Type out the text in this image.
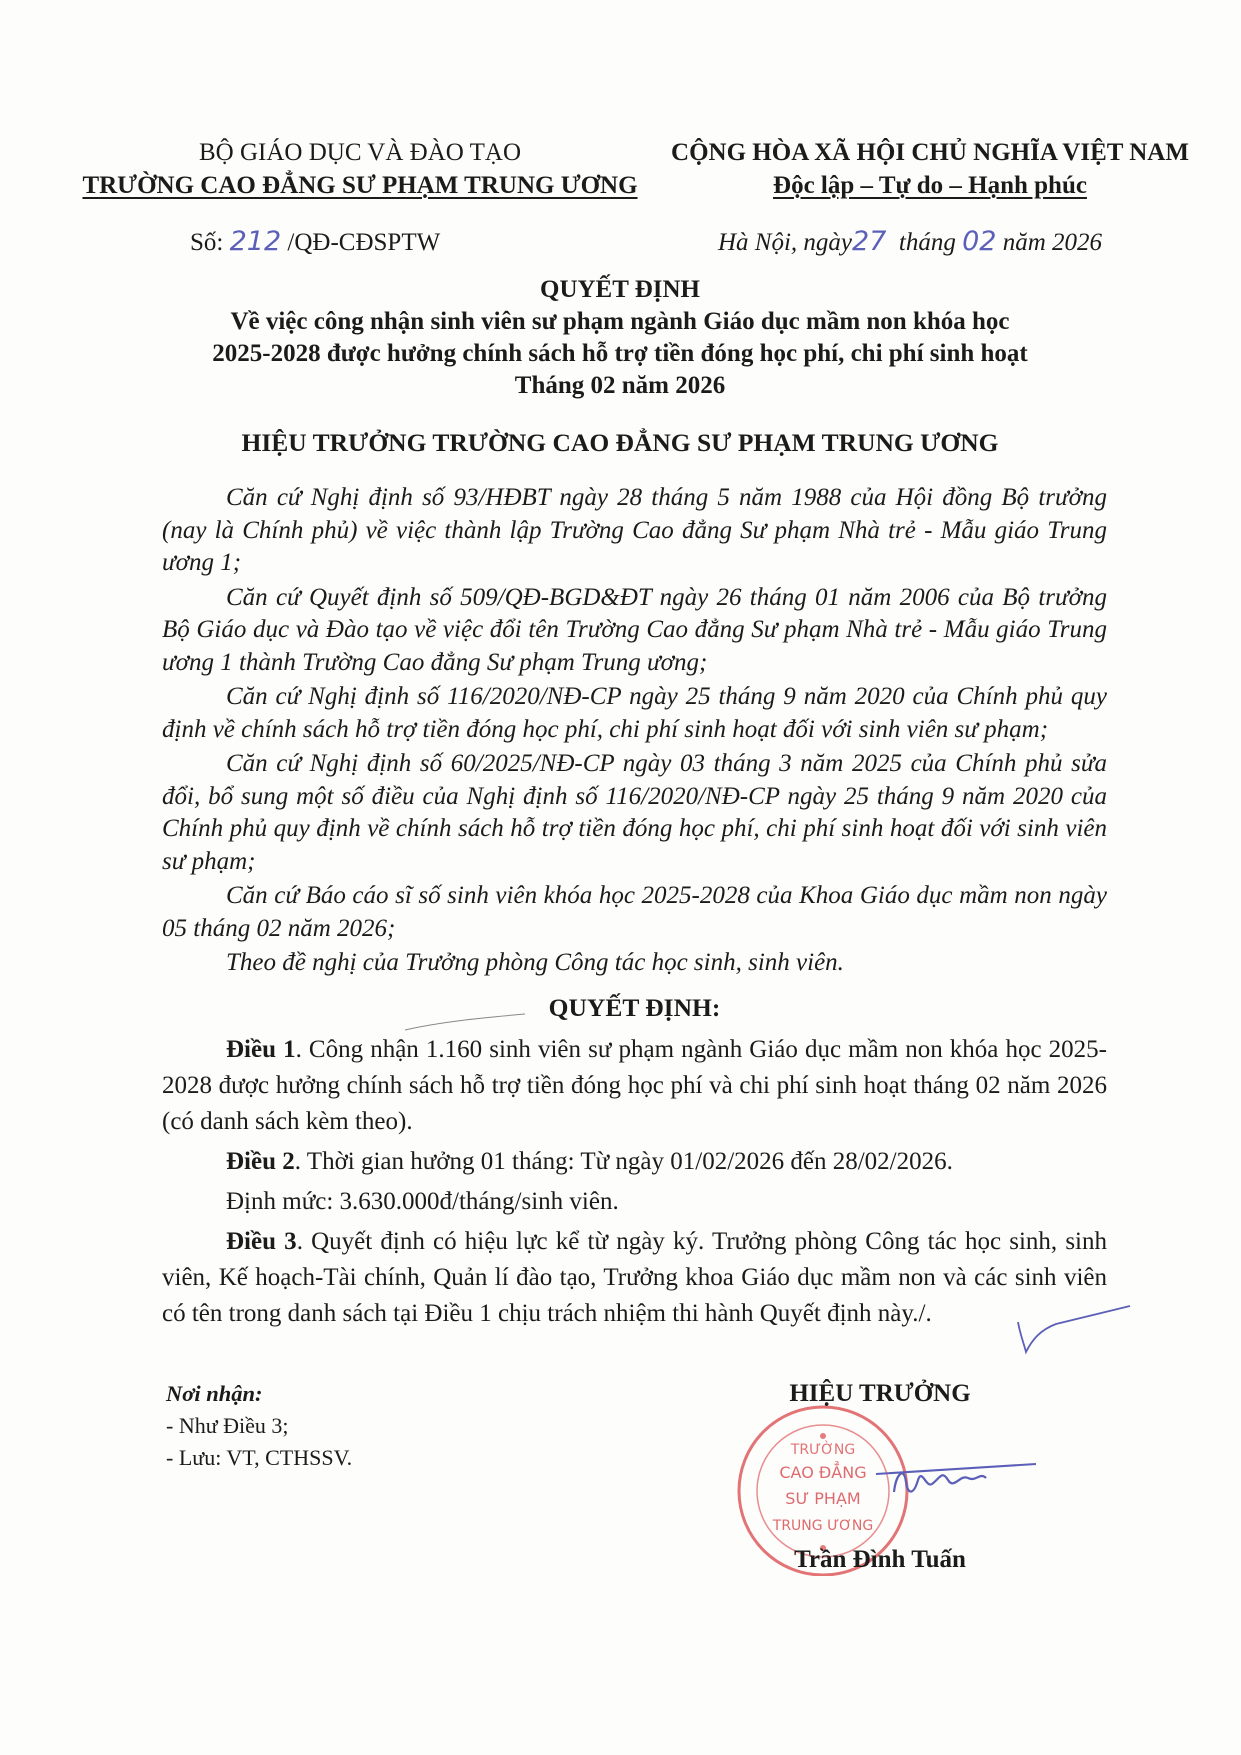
BỘ GIÁO DỤC VÀ ĐÀO TẠO
TRƯỜNG CAO ĐẲNG SƯ PHẠM TRUNG ƯƠNG
CỘNG HÒA XÃ HỘI CHỦ NGHĨA VIỆT NAM
Độc lập – Tự do – Hạnh phúc
Số: 212 /QĐ-CĐSPTW	Hà Nội, ngày27 tháng 02 năm 2026
QUYẾT ĐỊNH
Về việc công nhận sinh viên sư phạm ngành Giáo dục mầm non khóa học
2025-2028 được hưởng chính sách hỗ trợ tiền đóng học phí, chi phí sinh hoạt
Tháng 02 năm 2026
HIỆU TRƯỞNG TRƯỜNG CAO ĐẲNG SƯ PHẠM TRUNG ƯƠNG

Căn cứ Nghị định số 93/HĐBT ngày 28 tháng 5 năm 1988 của Hội đồng Bộ trưởng (nay là Chính phủ) về việc thành lập Trường Cao đẳng Sư phạm Nhà trẻ - Mẫu giáo Trung ương 1;

Căn cứ Quyết định số 509/QĐ-BGD&ĐT ngày 26 tháng 01 năm 2006 của Bộ trưởng Bộ Giáo dục và Đào tạo về việc đổi tên Trường Cao đẳng Sư phạm Nhà trẻ - Mẫu giáo Trung ương 1 thành Trường Cao đẳng Sư phạm Trung ương;

Căn cứ Nghị định số 116/2020/NĐ-CP ngày 25 tháng 9 năm 2020 của Chính phủ quy định về chính sách hỗ trợ tiền đóng học phí, chi phí sinh hoạt đối với sinh viên sư phạm;

Căn cứ Nghị định số 60/2025/NĐ-CP ngày 03 tháng 3 năm 2025 của Chính phủ sửa đổi, bổ sung một số điều của Nghị định số 116/2020/NĐ-CP ngày 25 tháng 9 năm 2020 của Chính phủ quy định về chính sách hỗ trợ tiền đóng học phí, chi phí sinh hoạt đối với sinh viên sư phạm;

Căn cứ Báo cáo sĩ số sinh viên khóa học 2025-2028 của Khoa Giáo dục mầm non ngày 05 tháng 02 năm 2026;

Theo đề nghị của Trưởng phòng Công tác học sinh, sinh viên.

QUYẾT ĐỊNH:

Điều 1. Công nhận 1.160 sinh viên sư phạm ngành Giáo dục mầm non khóa học 2025-2028 được hưởng chính sách hỗ trợ tiền đóng học phí và chi phí sinh hoạt tháng 02 năm 2026 (có danh sách kèm theo).

Điều 2. Thời gian hưởng 01 tháng: Từ ngày 01/02/2026 đến 28/02/2026.

Định mức: 3.630.000đ/tháng/sinh viên.

Điều 3. Quyết định có hiệu lực kể từ ngày ký. Trưởng phòng Công tác học sinh, sinh viên, Kế hoạch-Tài chính, Quản lí đào tạo, Trưởng khoa Giáo dục mầm non và các sinh viên có tên trong danh sách tại Điều 1 chịu trách nhiệm thi hành Quyết định này./.

Nơi nhận:
- Như Điều 3;
- Lưu: VT, CTHSSV.	TRƯỜNG
CAO ĐẲNG
SƯ PHẠM
TRUNG ƯƠNG
HIỆU TRƯỞNG
Trần Đình Tuấn
